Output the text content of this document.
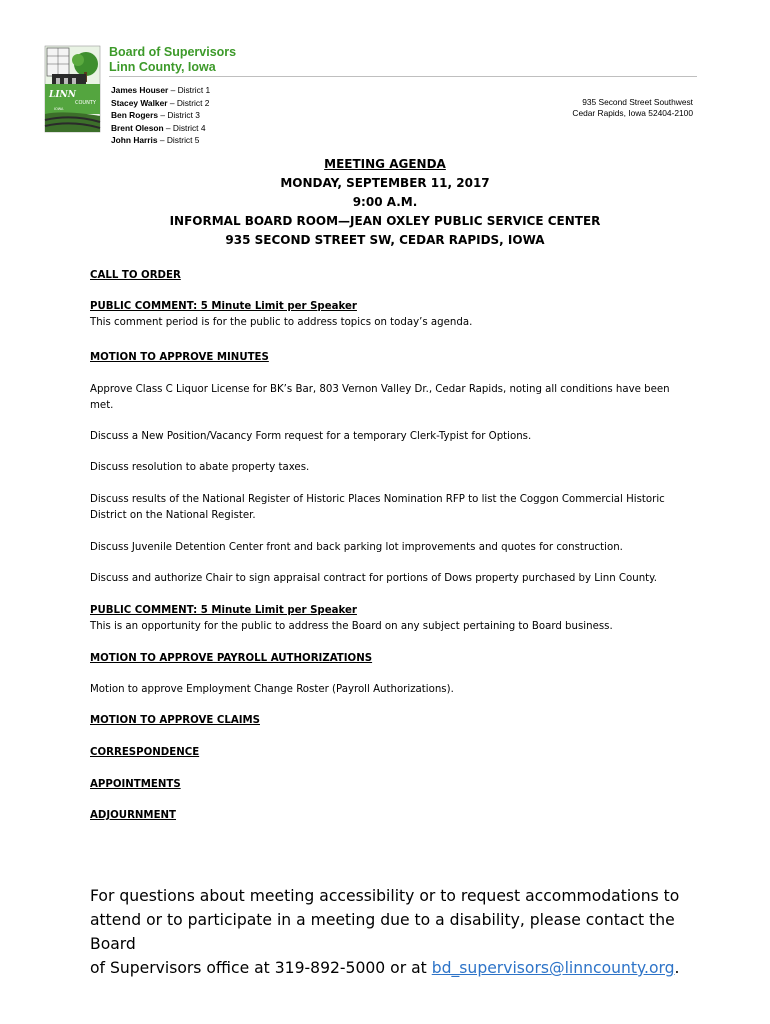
LINN
COUNTY
IOWA
Board of Supervisors
Linn County, Iowa
James Houser – District 1
Stacey Walker – District 2
Ben Rogers – District 3
Brent Oleson – District 4
John Harris – District 5
935 Second Street Southwest
Cedar Rapids, Iowa 52404-2100
MEETING AGENDA
MONDAY, SEPTEMBER 11, 2017
9:00 A.M.
INFORMAL BOARD ROOM—JEAN OXLEY PUBLIC SERVICE CENTER
935 SECOND STREET SW, CEDAR RAPIDS, IOWA
CALL TO ORDER
PUBLIC COMMENT: 5 Minute Limit per Speaker
This comment period is for the public to address topics on today’s agenda.
MOTION TO APPROVE MINUTES
Approve Class C Liquor License for BK’s Bar, 803 Vernon Valley Dr., Cedar Rapids, noting all conditions have been
met.
Discuss a New Position/Vacancy Form request for a temporary Clerk-Typist for Options.
Discuss resolution to abate property taxes.
Discuss results of the National Register of Historic Places Nomination RFP to list the Coggon Commercial Historic
District on the National Register.
Discuss Juvenile Detention Center front and back parking lot improvements and quotes for construction.
Discuss and authorize Chair to sign appraisal contract for portions of Dows property purchased by Linn County.
PUBLIC COMMENT: 5 Minute Limit per Speaker
This is an opportunity for the public to address the Board on any subject pertaining to Board business.
MOTION TO APPROVE PAYROLL AUTHORIZATIONS
Motion to approve Employment Change Roster (Payroll Authorizations).
MOTION TO APPROVE CLAIMS
CORRESPONDENCE
APPOINTMENTS
ADJOURNMENT
For questions about meeting accessibility or to request accommodations to
attend or to participate in a meeting due to a disability, please contact the Board
of Supervisors office at 319-892-5000 or at bd_supervisors@linncounty.org.
